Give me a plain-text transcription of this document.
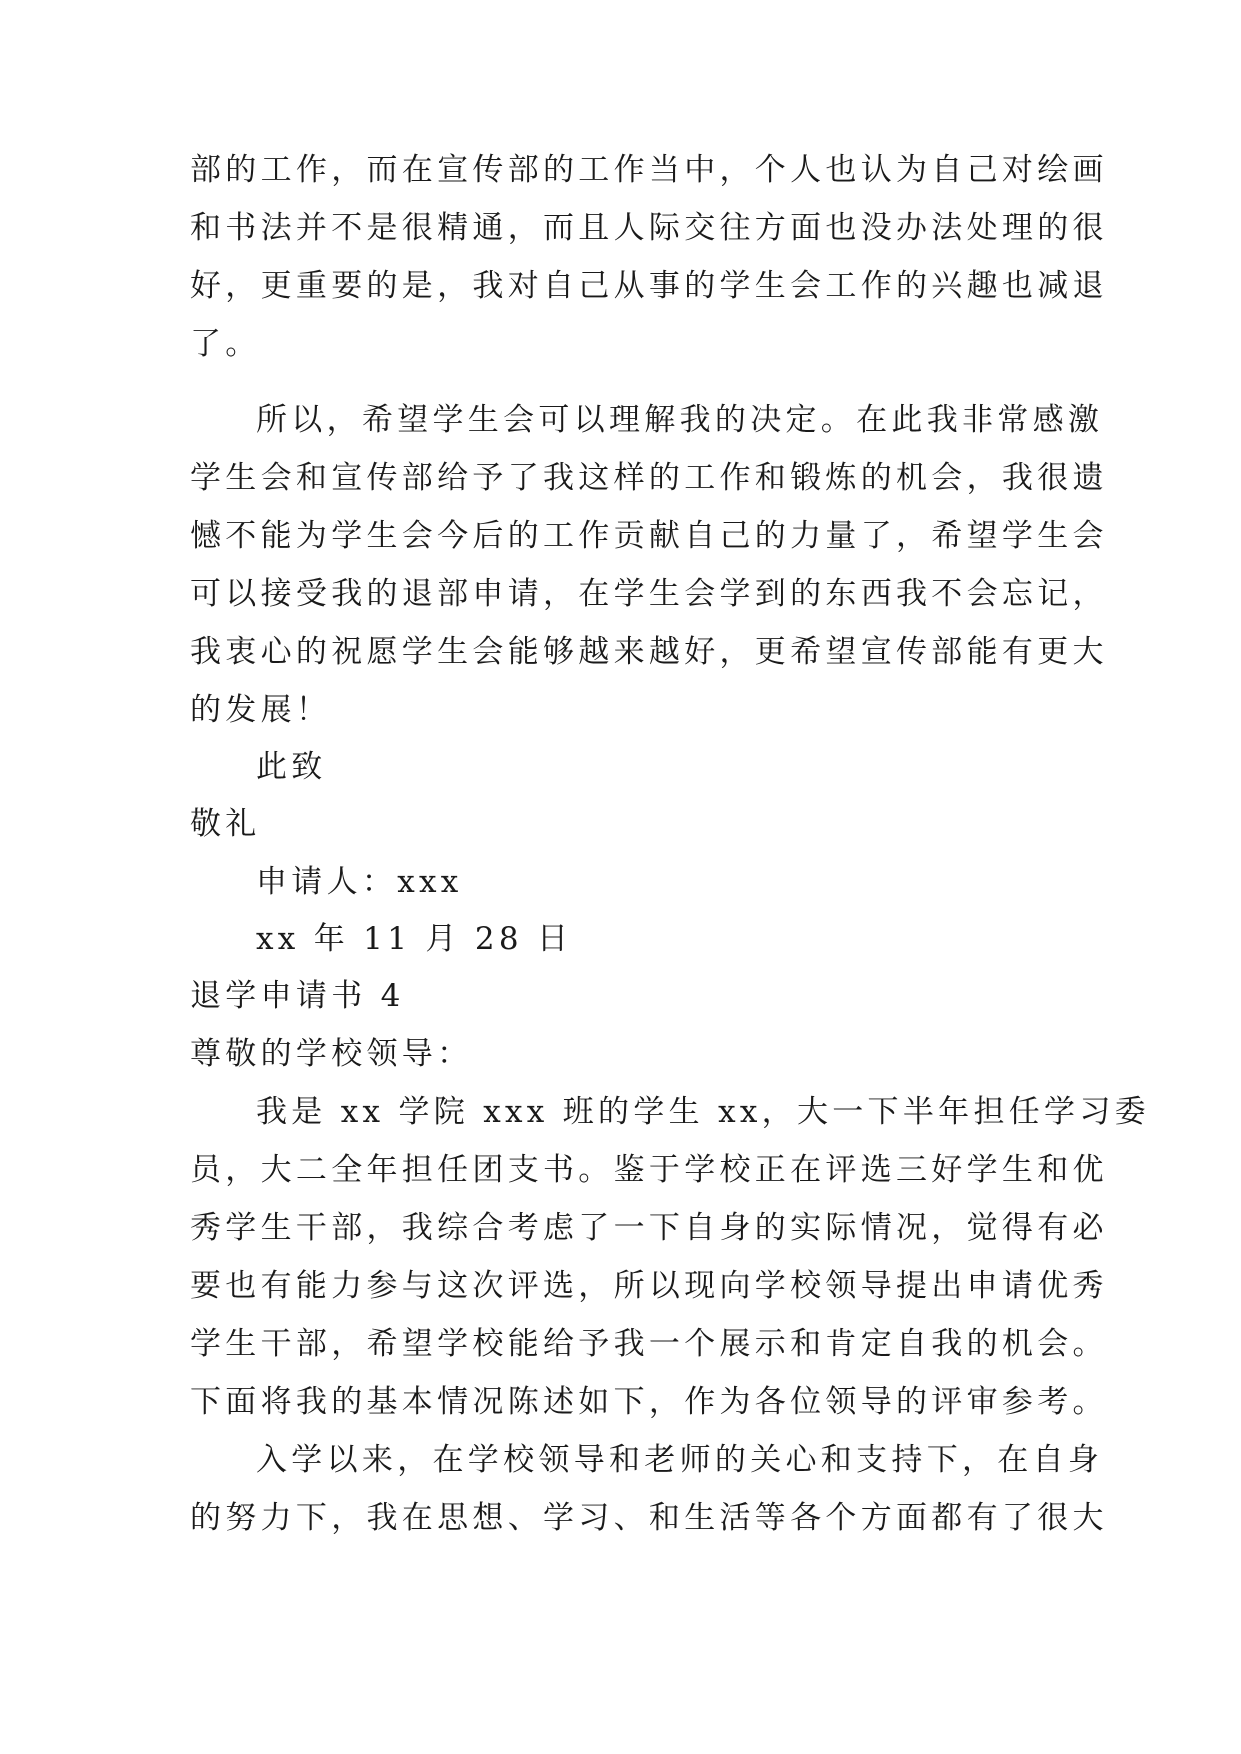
部的工作，而在宣传部的工作当中，个人也认为自己对绘画
和书法并不是很精通，而且人际交往方面也没办法处理的很
好，更重要的是，我对自己从事的学生会工作的兴趣也减退
了。
所以，希望学生会可以理解我的决定。在此我非常感激
学生会和宣传部给予了我这样的工作和锻炼的机会，我很遗
憾不能为学生会今后的工作贡献自己的力量了，希望学生会
可以接受我的退部申请，在学生会学到的东西我不会忘记，
我衷心的祝愿学生会能够越来越好，更希望宣传部能有更大
的发展！
此致
敬礼
申请人：xxx
xx 年 11 月 28 日
退学申请书 4
尊敬的学校领导：
我是 xx 学院 xxx 班的学生 xx，大一下半年担任学习委
员，大二全年担任团支书。鉴于学校正在评选三好学生和优
秀学生干部，我综合考虑了一下自身的实际情况，觉得有必
要也有能力参与这次评选，所以现向学校领导提出申请优秀
学生干部，希望学校能给予我一个展示和肯定自我的机会。
下面将我的基本情况陈述如下，作为各位领导的评审参考。
入学以来，在学校领导和老师的关心和支持下，在自身
的努力下，我在思想、学习、和生活等各个方面都有了很大
